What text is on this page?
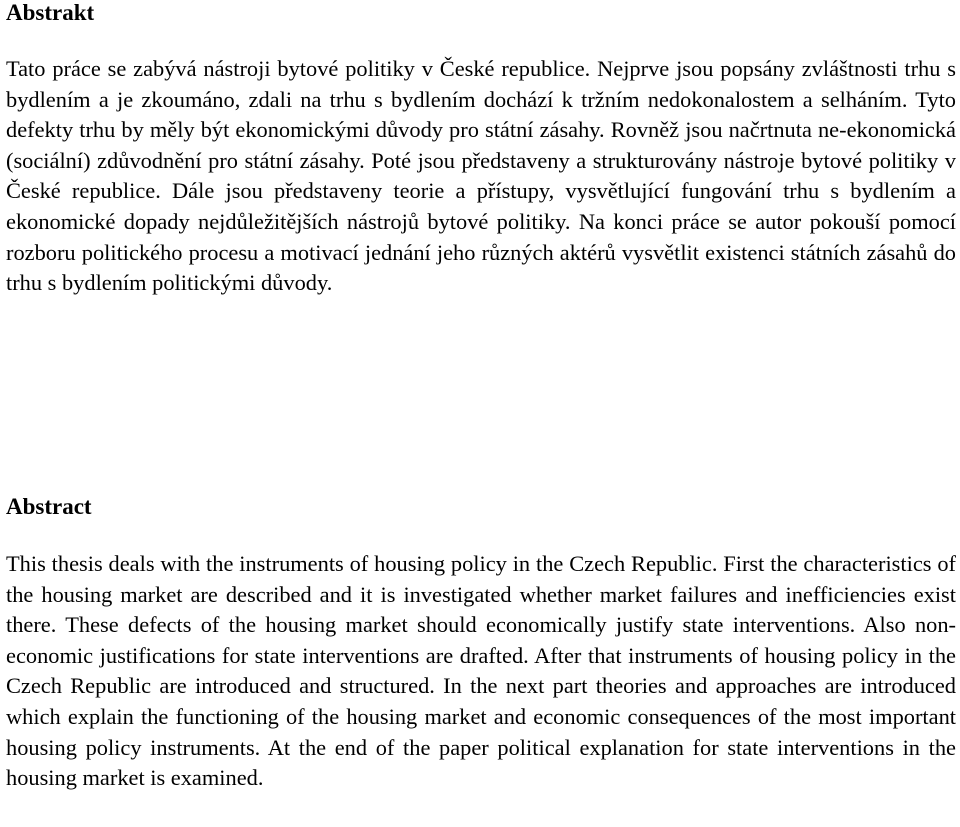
Abstrakt

Tato práce se zabývá nástroji bytové politiky v České republice. Nejprve jsou popsány zvláštnosti trhu s bydlením a je zkoumáno, zdali na trhu s bydlením dochází k tržním nedokonalostem a selháním. Tyto defekty trhu by měly být ekonomickými důvody pro státní zásahy. Rovněž jsou načrtnuta ne-ekonomická (sociální) zdůvodnění pro státní zásahy. Poté jsou představeny a strukturovány nástroje bytové politiky v České republice. Dále jsou představeny teorie a přístupy, vysvětlující fungování trhu s bydlením a ekonomické dopady nejdůležitějších nástrojů bytové politiky. Na konci práce se autor pokouší pomocí rozboru politického procesu a motivací jednání jeho různých aktérů vysvětlit existenci státních zásahů do trhu s bydlením politickými důvody.

Abstract

This thesis deals with the instruments of housing policy in the Czech Republic. First the characteristics of the housing market are described and it is investigated whether market failures and inefficiencies exist there. These defects of the housing market should economically justify state interventions. Also non-economic justifications for state interventions are drafted. After that instruments of housing policy in the Czech Republic are introduced and structured. In the next part theories and approaches are introduced which explain the functioning of the housing market and economic consequences of the most important housing policy instruments. At the end of the paper political explanation for state interventions in the housing market is examined.
